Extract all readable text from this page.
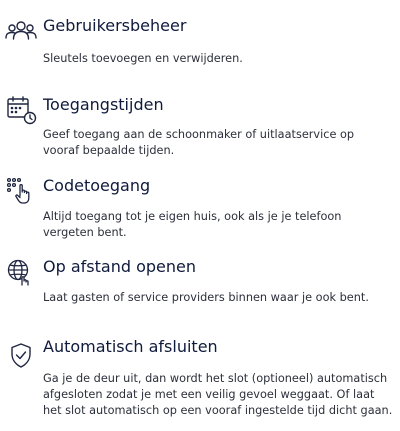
Gebruikersbeheer

Sleutels toevoegen en verwijderen.

Toegangstijden

Geef toegang aan de schoonmaker of uitlaatservice op vooraf bepaalde tijden.

Codetoegang

Altijd toegang tot je eigen huis, ook als je je telefoon vergeten bent.

Op afstand openen

Laat gasten of service providers binnen waar je ook bent.

Automatisch afsluiten

Ga je de deur uit, dan wordt het slot (optioneel) automatisch afgesloten zodat je met een veilig gevoel weggaat. Of laat het slot automatisch op een vooraf ingestelde tijd dicht gaan.
